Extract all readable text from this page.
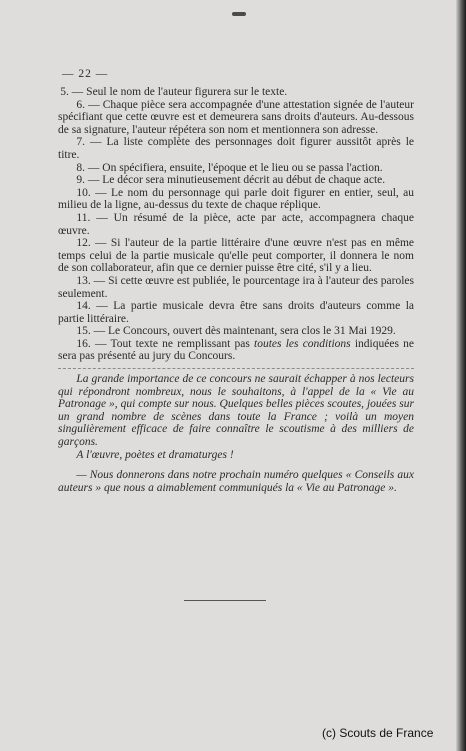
— 22 —

5. — Seul le nom de l'auteur figurera sur le texte.

6. — Chaque pièce sera accompagnée d'une attestation signée de l'auteur spécifiant que cette œuvre est et demeurera sans droits d'auteurs. Au-dessous de sa signature, l'auteur répétera son nom et mentionnera son adresse.

7. — La liste complète des personnages doit figurer aussitôt après le titre.

8. — On spécifiera, ensuite, l'époque et le lieu ou se passa l'action.

9. — Le décor sera minutieusement décrit au début de chaque acte.

10. — Le nom du personnage qui parle doit figurer en entier, seul, au milieu de la ligne, au-dessus du texte de chaque réplique.

11. — Un résumé de la pièce, acte par acte, accompagnera chaque œuvre.

12. — Si l'auteur de la partie littéraire d'une œuvre n'est pas en même temps celui de la partie musicale qu'elle peut comporter, il donnera le nom de son collaborateur, afin que ce dernier puisse être cité, s'il y a lieu.

13. — Si cette œuvre est publiée, le pourcentage ira à l'auteur des paroles seulement.

14. — La partie musicale devra être sans droits d'auteurs comme la partie littéraire.

15. — Le Concours, ouvert dès maintenant, sera clos le 31 Mai 1929.

16. — Tout texte ne remplissant pas toutes les conditions indiquées ne sera pas présenté au jury du Concours.

La grande importance de ce concours ne saurait échapper à nos lecteurs qui répondront nombreux, nous le souhaitons, à l'appel de la « Vie au Patronage », qui compte sur nous. Quelques belles pièces scoutes, jouées sur un grand nombre de scènes dans toute la France ; voilà un moyen singulièrement efficace de faire connaître le scoutisme à des milliers de garçons.

A l'œuvre, poètes et dramaturges !

— Nous donnerons dans notre prochain numéro quelques « Conseils aux auteurs » que nous a aimablement communiqués la « Vie au Patronage ».

(c) Scouts de France
